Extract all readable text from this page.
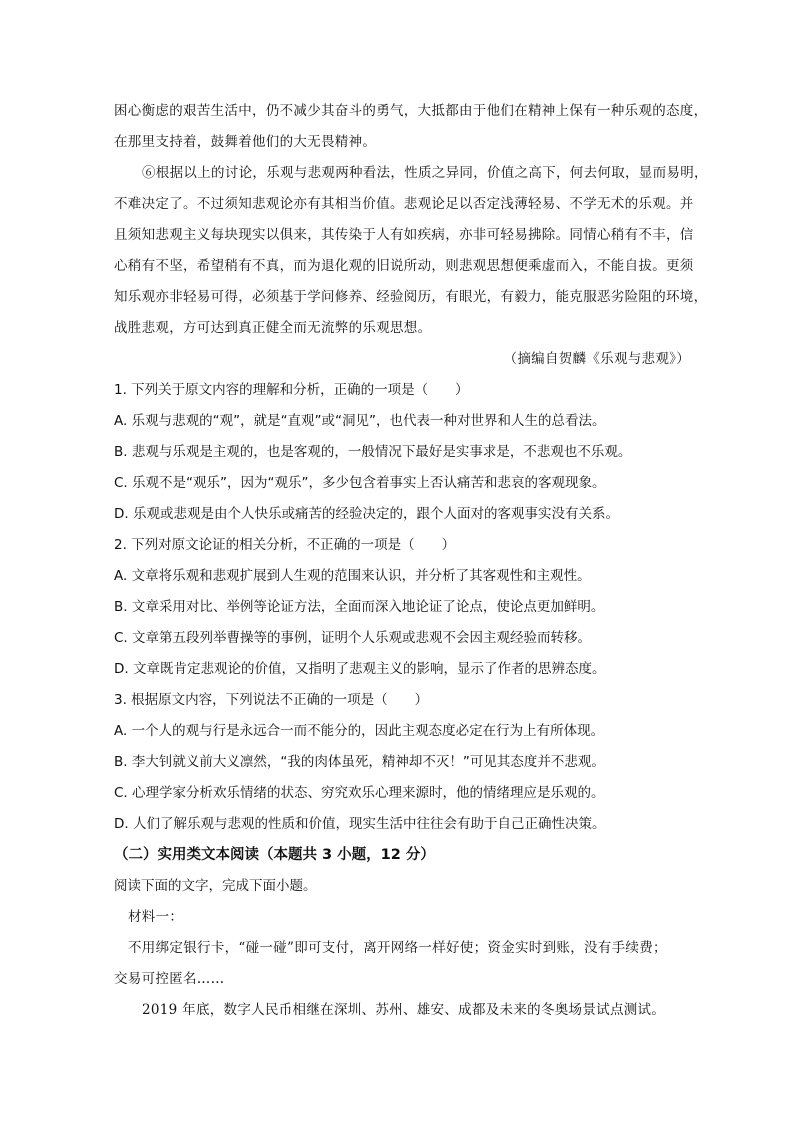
困心衡虑的艰苦生活中，仍不减少其奋斗的勇气，大抵都由于他们在精神上保有一种乐观的态度，
在那里支持着，鼓舞着他们的大无畏精神。
⑥根据以上的讨论，乐观与悲观两种看法，性质之异同，价值之高下，何去何取，显而易明，
不难决定了。不过须知悲观论亦有其相当价值。悲观论足以否定浅薄轻易、不学无术的乐观。并
且须知悲观主义每块现实以俱来，其传染于人有如疾病，亦非可轻易拂除。同情心稍有不丰，信
心稍有不坚，希望稍有不真，而为退化观的旧说所动，则悲观思想便乘虚而入，不能自拔。更须
知乐观亦非轻易可得，必须基于学问修养、经验阅历，有眼光，有毅力，能克服恶劣险阻的环境，
战胜悲观，方可达到真正健全而无流弊的乐观思想。
（摘编自贺麟《乐观与悲观》）
1. 下列关于原文内容的理解和分析，正确的一项是（　　）
A. 乐观与悲观的“观”，就是“直观”或“洞见”，也代表一种对世界和人生的总看法。
B. 悲观与乐观是主观的，也是客观的，一般情况下最好是实事求是，不悲观也不乐观。
C. 乐观不是“观乐”，因为“观乐”，多少包含着事实上否认痛苦和悲哀的客观现象。
D. 乐观或悲观是由个人快乐或痛苦的经验决定的，跟个人面对的客观事实没有关系。
2. 下列对原文论证的相关分析，不正确的一项是（　　）
A. 文章将乐观和悲观扩展到人生观的范围来认识，并分析了其客观性和主观性。
B. 文章采用对比、举例等论证方法，全面而深入地论证了论点，使论点更加鲜明。
C. 文章第五段列举曹操等的事例，证明个人乐观或悲观不会因主观经验而转移。
D. 文章既肯定悲观论的价值，又指明了悲观主义的影响，显示了作者的思辨态度。
3. 根据原文内容，下列说法不正确的一项是（　　）
A. 一个人的观与行是永远合一而不能分的，因此主观态度必定在行为上有所体现。
B. 李大钊就义前大义凛然，“我的肉体虽死，精神却不灭！”可见其态度并不悲观。
C. 心理学家分析欢乐情绪的状态、穷究欢乐心理来源时，他的情绪理应是乐观的。
D. 人们了解乐观与悲观的性质和价值，现实生活中往往会有助于自己正确性决策。
（二）实用类文本阅读（本题共 3 小题，12 分）
阅读下面的文字，完成下面小题。
材料一：
不用绑定银行卡，“碰一碰”即可支付，离开网络一样好使；资金实时到账，没有手续费；
交易可控匿名……
2019 年底，数字人民币相继在深圳、苏州、雄安、成都及未来的冬奥场景试点测试。
